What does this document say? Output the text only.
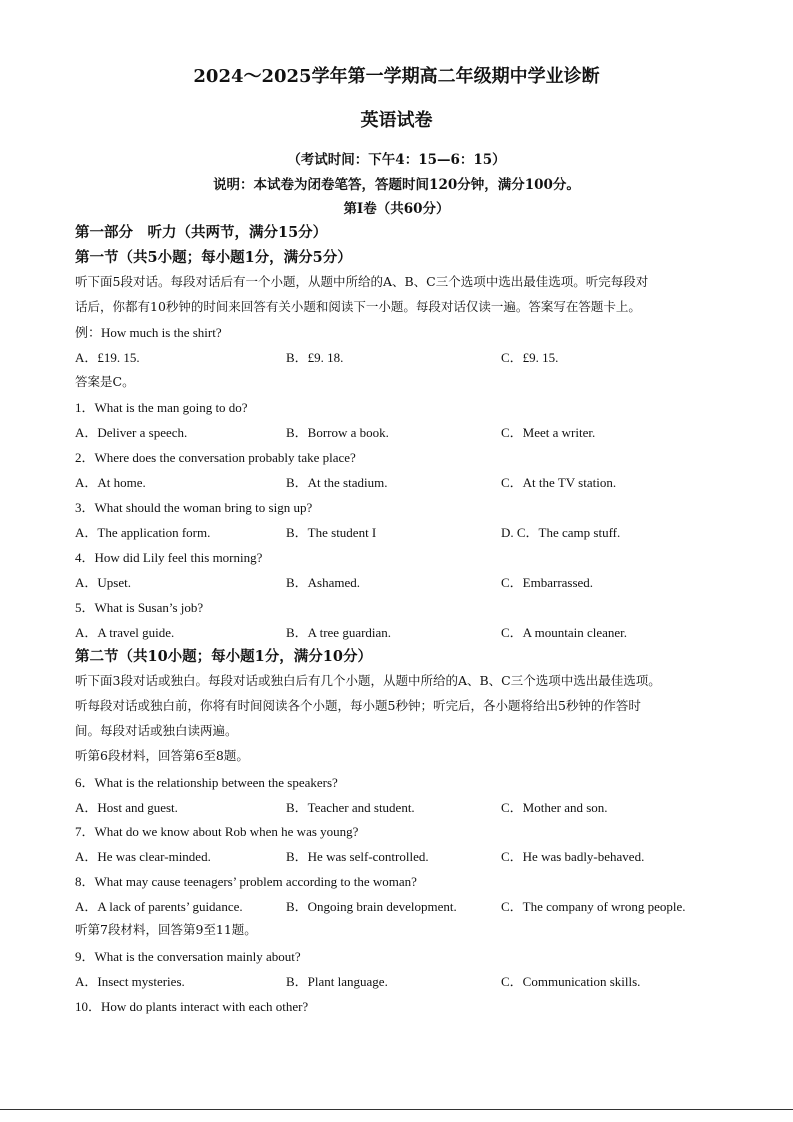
2024～2025学年第一学期高二年级期中学业诊断
英语试卷
（考试时间：下午4：15—6：15）
说明：本试卷为闭卷笔答，答题时间120分钟，满分100分。
第Ⅰ卷（共60分）
第一部分　听力（共两节，满分15分）
第一节（共5小题；每小题1分，满分5分）
听下面5段对话。每段对话后有一个小题，从题中所给的A、B、C三个选项中选出最佳选项。听完每段对
话后，你都有10秒钟的时间来回答有关小题和阅读下一小题。每段对话仅读一遍。答案写在答题卡上。
例：How much is the shirt?
A．£19. 15.	B．£9. 18.	C．£9. 15.
答案是C。
1．What is the man going to do?
A．Deliver a speech.	B．Borrow a book.	C．Meet a writer.
2．Where does the conversation probably take place?
A．At home.	B．At the stadium.	C．At the TV station.
3．What should the woman bring to sign up?
A．The application form.	B．The student I	D. C．The camp stuff.
4．How did Lily feel this morning?
A．Upset.	B．Ashamed.	C．Embarrassed.
5．What is Susan’s job?
A．A travel guide.	B．A tree guardian.	C．A mountain cleaner.
第二节（共10小题；每小题1分，满分10分）
听下面3段对话或独白。每段对话或独白后有几个小题，从题中所给的A、B、C三个选项中选出最佳选项。
听每段对话或独白前，你将有时间阅读各个小题，每小题5秒钟；听完后，各小题将给出5秒钟的作答时
间。每段对话或独白读两遍。
听第6段材料，回答第6至8题。
6．What is the relationship between the speakers?
A．Host and guest.	B．Teacher and student.	C．Mother and son.
7．What do we know about Rob when he was young?
A．He was clear-minded.	B．He was self-controlled.	C．He was badly-behaved.
8．What may cause teenagers’ problem according to the woman?
A．A lack of parents’ guidance.	B．Ongoing brain development.	C．The company of wrong people.
听第7段材料，回答第9至11题。
9．What is the conversation mainly about?
A．Insect mysteries.	B．Plant language.	C．Communication skills.
10．How do plants interact with each other?
